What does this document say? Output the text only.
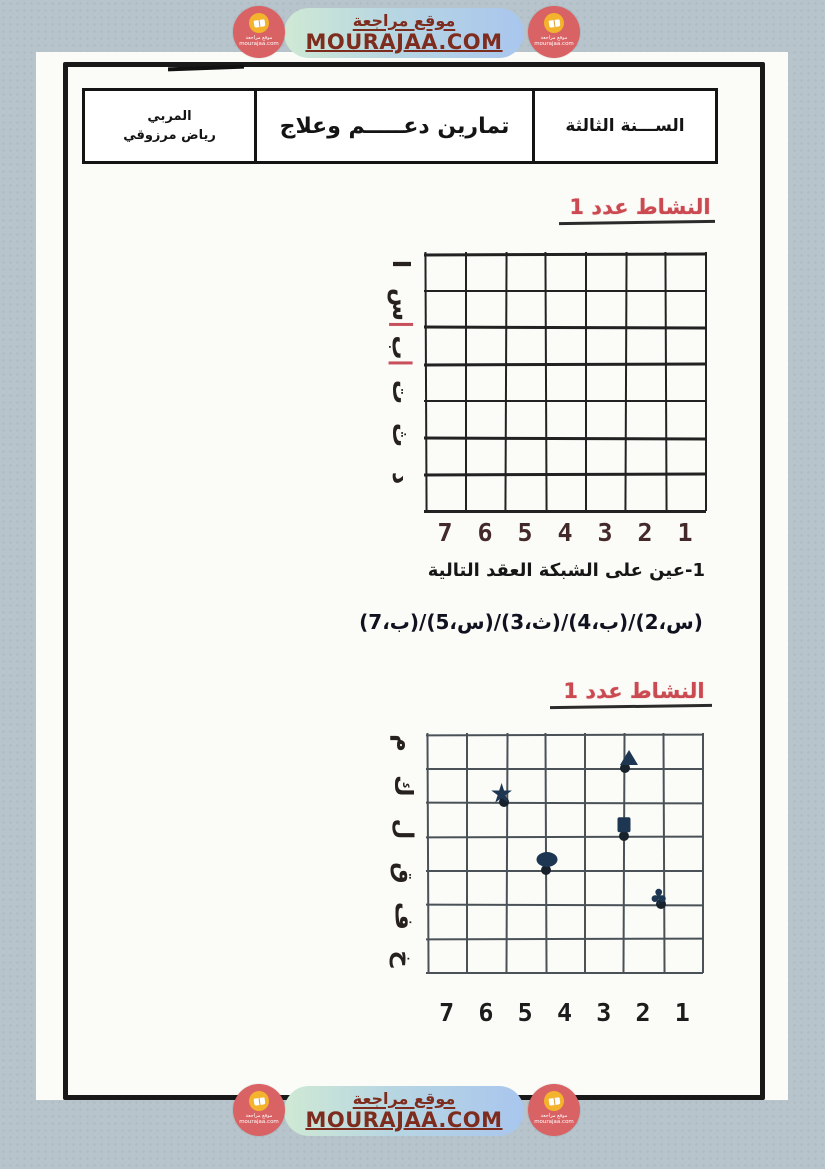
المربي
رياض مرزوقي	تمارين دعـــــم وعلاج	الســـنة الثالثة
النشاط عدد 1
ا
س
ب
ت
ث
د
7 6 5 4 3 2 1
1-عين على الشبكة العقد التالية
(س،2)/(ب،4)/(ث،3)/(س،5)/(ب،7)
النشاط عدد 1
م
ك
ل
ق
ف
خ
★
♣
7 6 5 4 3 2 1
موقع مراجعة
mourajaa.com
موقع مراجعة
MOURAJAA.COM	موقع مراجعة
mourajaa.com
موقع مراجعة
mourajaa.com
موقع مراجعة
MOURAJAA.COM	موقع مراجعة
mourajaa.com
